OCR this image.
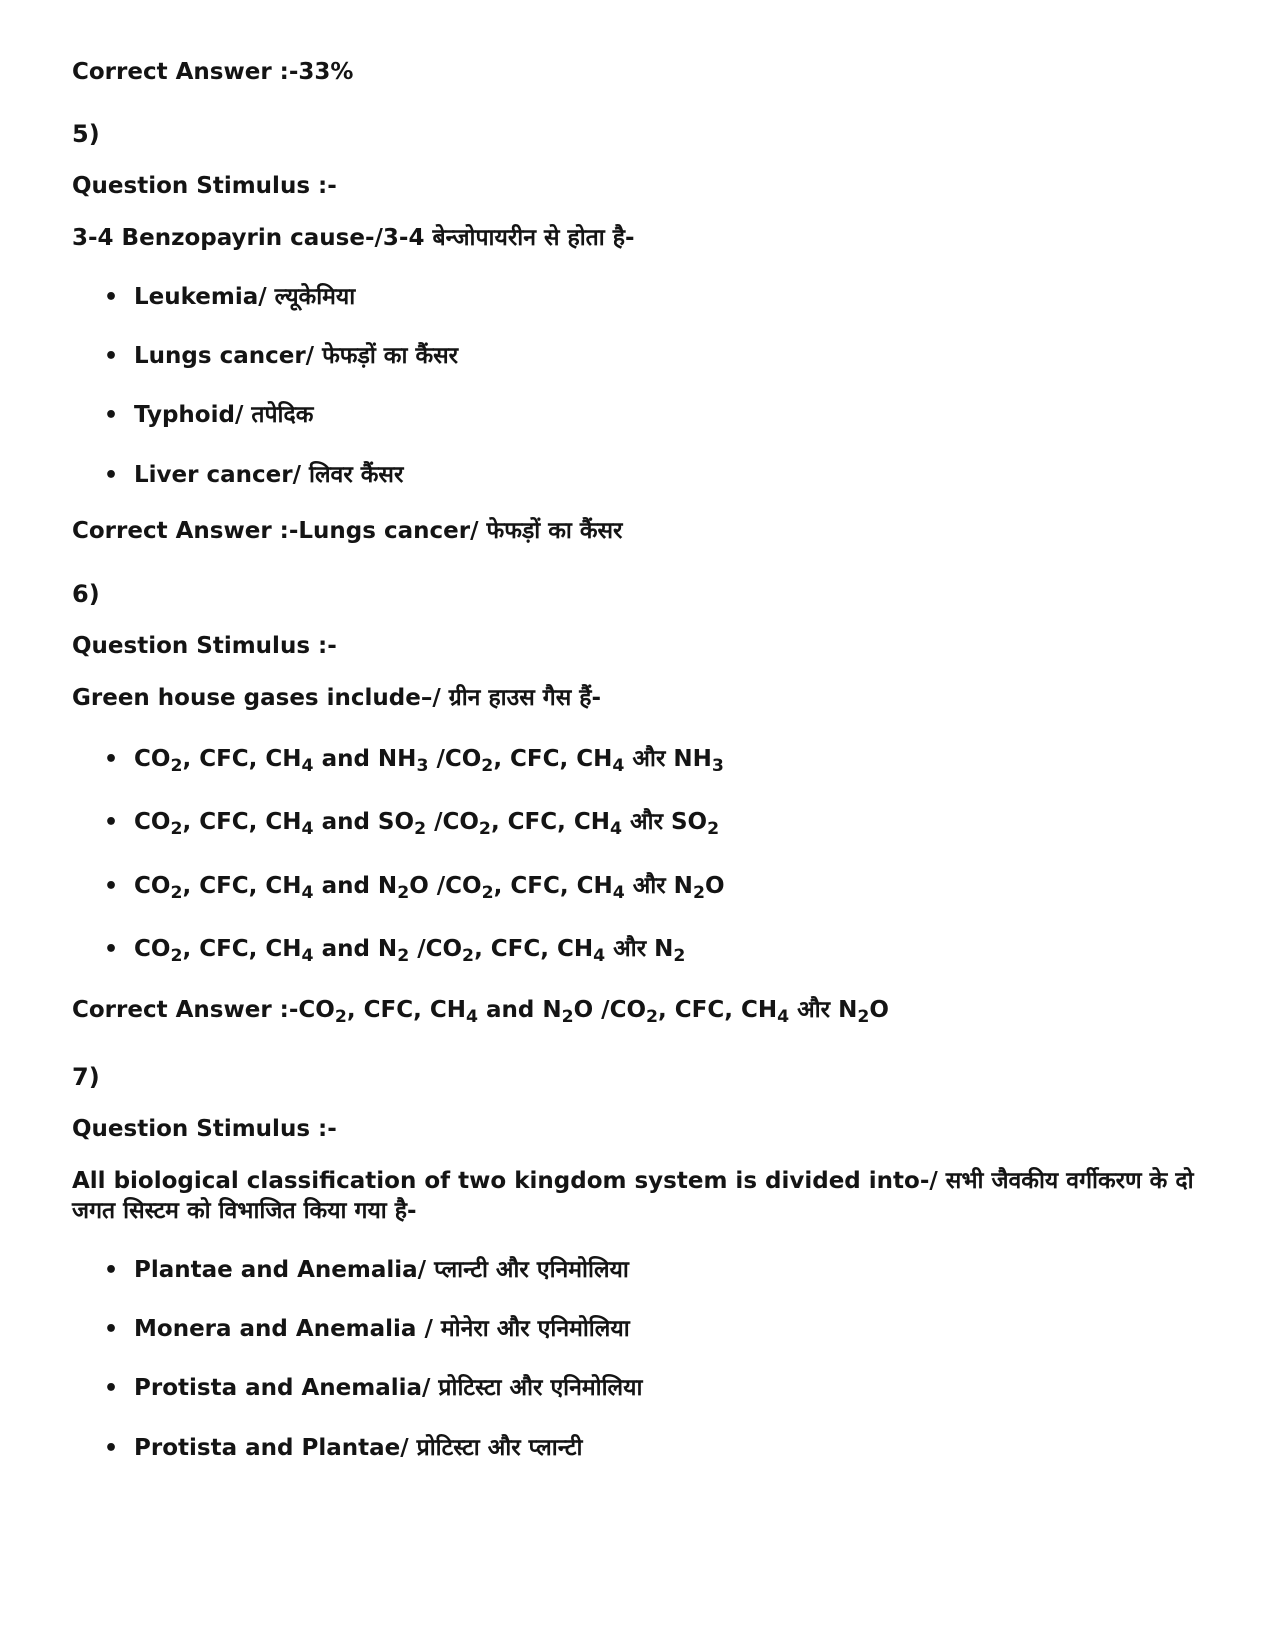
Correct Answer :-33%
5)
Question Stimulus :-
3-4 Benzopayrin cause-/3-4 बेन्जोपायरीन से होता है-
• Leukemia/ ल्यूकेमिया
• Lungs cancer/ फेफड़ों का कैंसर
• Typhoid/ तपेदिक
• Liver cancer/ लिवर कैंसर
Correct Answer :-Lungs cancer/ फेफड़ों का कैंसर
6)
Question Stimulus :-
Green house gases include–/ ग्रीन हाउस गैस हैं-
• $CO_2$, CFC, $CH_4$ and $NH_3$ $/CO_2$, CFC, $CH_4$ और $NH_3$
• $CO_2$, CFC, $CH_4$ and $SO_2$ $/CO_2$, CFC, $CH_4$ और $SO_2$
• $CO_2$, CFC, $CH_4$ and $N_2O$ $/CO_2$, CFC, $CH_4$ और $N_2O$
• $CO_2$, CFC, $CH_4$ and $N_2$ $/CO_2$, CFC, $CH_4$ और $N_2$
Correct Answer $:-CO_2$, CFC, $CH_4$ and $N_2O$ $/CO_2$, CFC, $CH_4$ और $N_2O$
7)
Question Stimulus :-
All biological classification of two kingdom system is divided into-/ सभी जैवकीय वर्गीकरण के दो जगत सिस्टम को विभाजित किया गया है-
• Plantae and Anemalia/ प्लान्टी और एनिमोलिया
• Monera and Anemalia / मोनेरा और एनिमोलिया
• Protista and Anemalia/ प्रोटिस्टा और एनिमोलिया
• Protista and Plantae/ प्रोटिस्टा और प्लान्टी
